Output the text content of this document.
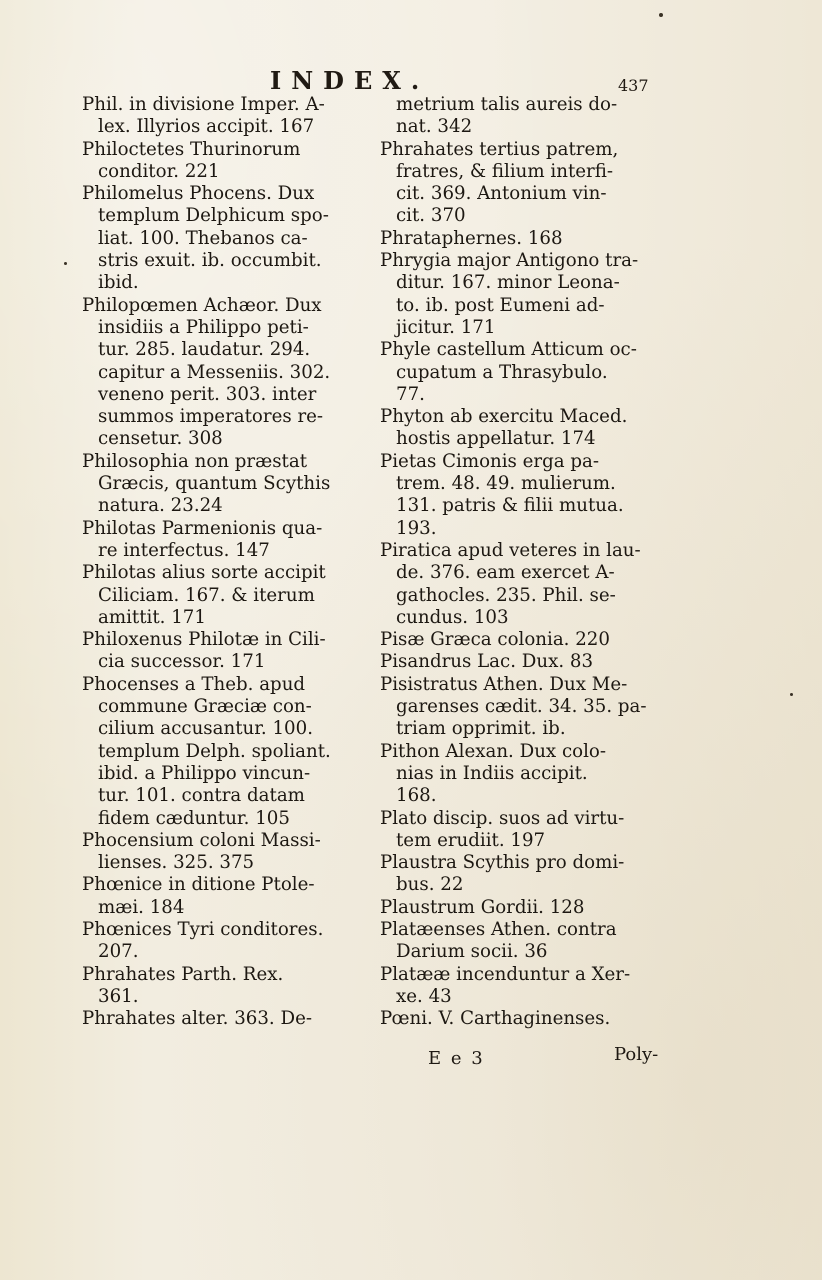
INDEX.	437
Phil. in divisione Imper. A-
lex. Illyrios accipit. 167
Philoctetes Thurinorum
conditor. 221
Philomelus Phocens. Dux
templum Delphicum spo-
liat. 100. Thebanos ca-
stris exuit. ib. occumbit.
ibid.
Philopœmen Achæor. Dux
insidiis a Philippo peti-
tur. 285. laudatur. 294.
capitur a Messeniis. 302.
veneno perit. 303. inter
summos imperatores re-
censetur. 308
Philosophia non præstat
Græcis, quantum Scythis
natura. 23.24
Philotas Parmenionis qua-
re interfectus. 147
Philotas alius sorte accipit
Ciliciam. 167. & iterum
amittit. 171
Philoxenus Philotæ in Cili-
cia successor. 171
Phocenses a Theb. apud
commune Græciæ con-
cilium accusantur. 100.
templum Delph. spoliant.
ibid. a Philippo vincun-
tur. 101. contra datam
fidem cæduntur. 105
Phocensium coloni Massi-
lienses. 325. 375
Phœnice in ditione Ptole-
mæi. 184
Phœnices Tyri conditores.
207.
Phrahates Parth. Rex.
361.
Phrahates alter. 363. De-
metrium talis aureis do-
nat. 342
Phrahates tertius patrem,
fratres, & filium interfi-
cit. 369. Antonium vin-
cit. 370
Phrataphernes. 168
Phrygia major Antigono tra-
ditur. 167. minor Leona-
to. ib. post Eumeni ad-
jicitur. 171
Phyle castellum Atticum oc-
cupatum a Thrasybulo.
77.
Phyton ab exercitu Maced.
hostis appellatur. 174
Pietas Cimonis erga pa-
trem. 48. 49. mulierum.
131. patris & filii mutua.
193.
Piratica apud veteres in lau-
de. 376. eam exercet A-
gathocles. 235. Phil. se-
cundus. 103
Pisæ Græca colonia. 220
Pisandrus Lac. Dux. 83
Pisistratus Athen. Dux Me-
garenses cædit. 34. 35. pa-
triam opprimit. ib.
Pithon Alexan. Dux colo-
nias in Indiis accipit.
168.
Plato discip. suos ad virtu-
tem erudiit. 197
Plaustra Scythis pro domi-
bus. 22
Plaustrum Gordii. 128
Platæenses Athen. contra
Darium socii. 36
Platææ incenduntur a Xer-
xe. 43
Pœni. V. Carthaginenses.
E e 3	Poly-
